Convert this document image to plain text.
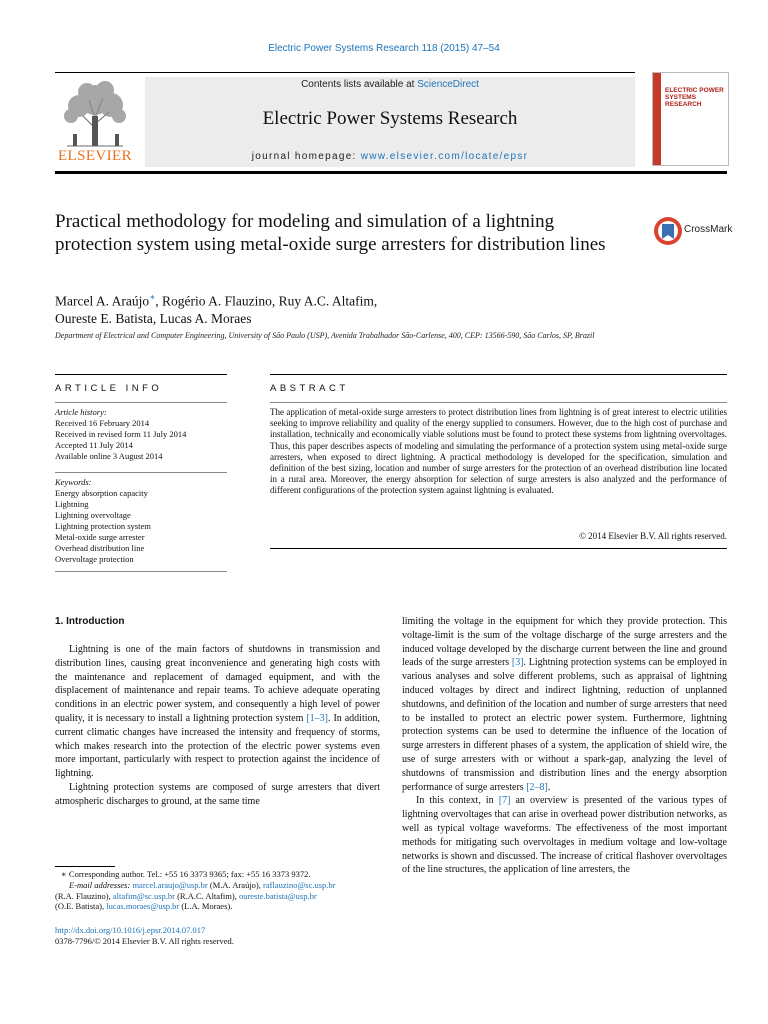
Electric Power Systems Research 118 (2015) 47–54
ELSEVIER
Contents lists available at ScienceDirect
Electric Power Systems Research
journal homepage: www.elsevier.com/locate/epsr
ELECTRIC POWER SYSTEMS RESEARCH
Practical methodology for modeling and simulation of a lightning protection system using metal-oxide surge arresters for distribution lines
CrossMark
Marcel A. Araújo∗, Rogério A. Flauzino, Ruy A.C. Altafim,
Oureste E. Batista, Lucas A. Moraes
Department of Electrical and Computer Engineering, University of São Paulo (USP), Avenida Trabalhador São-Carlense, 400, CEP: 13566-590, São Carlos, SP, Brazil
ARTICLE INFO	ABSTRACT
Article history:
Received 16 February 2014
Received in revised form 11 July 2014
Accepted 11 July 2014
Available online 3 August 2014
Keywords:
Energy absorption capacity
Lightning
Lightning overvoltage
Lightning protection system
Metal-oxide surge arrester
Overhead distribution line
Overvoltage protection
The application of metal-oxide surge arresters to protect distribution lines from lightning is of great interest to electric utilities seeking to improve reliability and quality of the energy supplied to consumers. However, due to the high cost of purchase and installation, technically and economically viable solutions must be found to protect these systems from lightning overvoltages. Thus, this paper describes aspects of modeling and simulating the performance of a protection system using metal-oxide surge arresters, when exposed to direct lightning. A practical methodology is developed for the specification, simulation and definition of the best sizing, location and number of surge arresters for the protection of an overhead distribution line located in a rural area. Moreover, the energy absorption for selection of surge arresters is also analyzed and the performance of different configurations of the protection system against lightning is evaluated.
© 2014 Elsevier B.V. All rights reserved.
1. Introduction

Lightning is one of the main factors of shutdowns in transmission and distribution lines, causing great inconvenience and generating high costs with the maintenance and replacement of damaged equipment, and with the displacement of maintenance and repair teams. To achieve adequate operating conditions in an electric power system, and consequently a high level of power quality, it is necessary to install a lightning protection system [1–3]. In addition, current climatic changes have increased the intensity and frequency of storms, which makes research into the protection of the electric power systems even more important, particularly with respect to protection against the incidence of lightning.

Lightning protection systems are composed of surge arresters that divert atmospheric discharges to ground, at the same time

limiting the voltage in the equipment for which they provide protection. This voltage-limit is the sum of the voltage discharge of the surge arresters and the induced voltage developed by the discharge current between the line and ground leads of the surge arresters [3]. Lightning protection systems can be employed in various analyses and solve different problems, such as appraisal of lightning induced voltages by direct and indirect lightning, reduction of unplanned shutdowns, and definition of the location and number of surge arresters that need to be installed to protect an electric power system. Furthermore, lightning protection systems can be used to determine the influence of the location of surge arresters in different phases of a system, the application of shield wire, the use of surge arresters with or without a spark-gap, analyzing the level of shutdowns of transmission and distribution lines and the energy absorption performance of surge arresters [2–8].

In this context, in [7] an overview is presented of the various types of lightning overvoltages that can arise in overhead power distribution networks, as well as typical voltage waveforms. The effectiveness of the most important methods for mitigating such overvoltages in medium voltage and low-voltage networks is shown and discussed. The increase of critical flashover overvoltages of the line structures, the application of line arresters, the

∗ Corresponding author. Tel.: +55 16 3373 9365; fax: +55 16 3373 9372.
E-mail addresses: marcel.araujo@usp.br (M.A. Araújo), raflauzino@sc.usp.br
(R.A. Flauzino), altafim@sc.usp.br (R.A.C. Altafim), oureste.batista@usp.br
(O.E. Batista), lucas.moraes@usp.br (L.A. Moraes).
http://dx.doi.org/10.1016/j.epsr.2014.07.017
0378-7796/© 2014 Elsevier B.V. All rights reserved.
